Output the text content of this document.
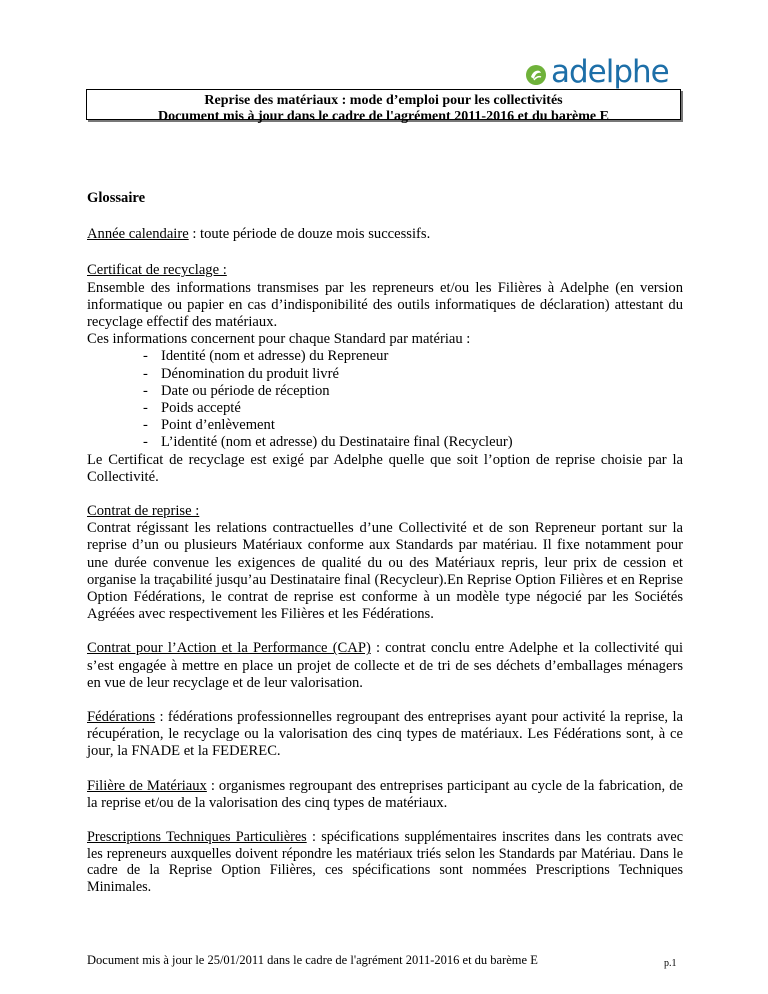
adelphe
Reprise des matériaux : mode d’emploi pour les collectivités
Document mis à jour dans le cadre de l'agrément 2011-2016 et du barème E

Glossaire

Année calendaire : toute période de douze mois successifs.

Certificat de recyclage :

Ensemble des informations transmises par les repreneurs et/ou les Filières à Adelphe (en version informatique ou papier en cas d’indisponibilité des outils informatiques de déclaration) attestant du recyclage effectif des matériaux.

Ces informations concernent pour chaque Standard par matériau :

- Identité (nom et adresse) du Repreneur
- Dénomination du produit livré
- Date ou période de réception
- Poids accepté
- Point d’enlèvement
- L’identité (nom et adresse) du Destinataire final (Recycleur)

Le Certificat de recyclage est exigé par Adelphe quelle que soit l’option de reprise choisie par la Collectivité.

Contrat de reprise :

Contrat régissant les relations contractuelles d’une Collectivité et de son Repreneur portant sur la reprise d’un ou plusieurs Matériaux conforme aux Standards par matériau. Il fixe notamment pour une durée convenue les exigences de qualité du ou des Matériaux repris, leur prix de cession et organise la traçabilité jusqu’au Destinataire final (Recycleur).En Reprise Option Filières et en Reprise Option Fédérations, le contrat de reprise est conforme à un modèle type négocié par les Sociétés Agréées avec respectivement les Filières et les Fédérations.

Contrat pour l’Action et la Performance (CAP) : contrat conclu entre Adelphe et la collectivité qui s’est engagée à mettre en place un projet de collecte et de tri de ses déchets d’emballages ménagers en vue de leur recyclage et de leur valorisation.

Fédérations : fédérations professionnelles regroupant des entreprises ayant pour activité la reprise, la récupération, le recyclage ou la valorisation des cinq types de matériaux. Les Fédérations sont, à ce jour, la FNADE et la FEDEREC.

Filière de Matériaux : organismes regroupant des entreprises participant au cycle de la fabrication, de la reprise et/ou de la valorisation des cinq types de matériaux.

Prescriptions Techniques Particulières : spécifications supplémentaires inscrites dans les contrats avec les repreneurs auxquelles doivent répondre les matériaux triés selon les Standards par Matériau. Dans le cadre de la Reprise Option Filières, ces spécifications sont nommées Prescriptions Techniques Minimales.

Document mis à jour le 25/01/2011 dans le cadre de l'agrément 2011-2016 et du barème E	p.1
